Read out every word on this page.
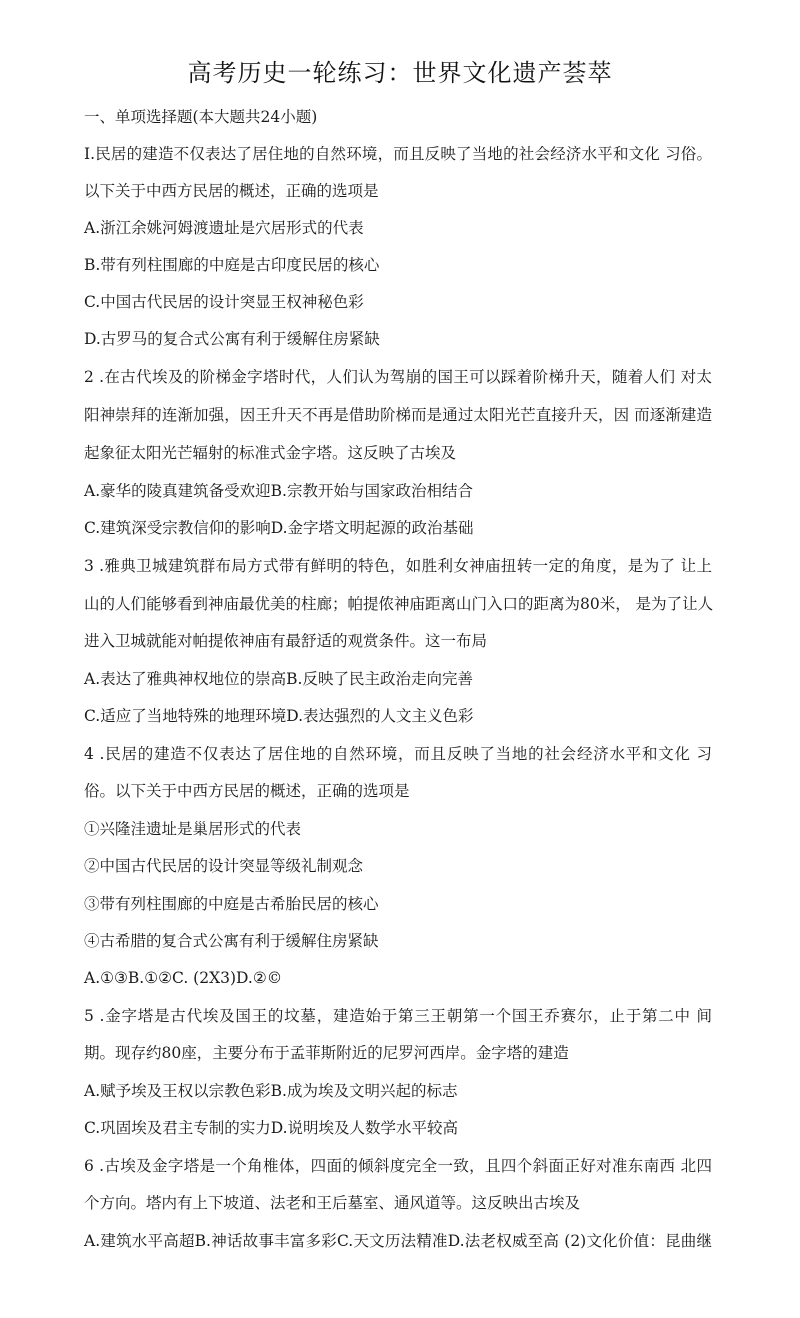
高考历史一轮练习：世界文化遗产荟萃
一、单项选择题(本大题共24小题)
I.民居的建造不仅表达了居住地的自然环境，而且反映了当地的社会经济水平和文化 习俗。
以下关于中西方民居的概述，正确的选项是
A.浙江余姚河姆渡遗址是穴居形式的代表
B.带有列柱围廊的中庭是古印度民居的核心
C.中国古代民居的设计突显王权神秘色彩
D.古罗马的复合式公寓有利于缓解住房紧缺
2 .在古代埃及的阶梯金字塔时代，人们认为驾崩的国王可以踩着阶梯升天，随着人们 对太
阳神崇拜的连渐加强，因王升天不再是借助阶梯而是通过太阳光芒直接升天，因 而逐渐建造
起象征太阳光芒辐射的标准式金字塔。这反映了古埃及
A.豪华的陵真建筑备受欢迎B.宗教开始与国家政治相结合
C.建筑深受宗教信仰的影响D.金字塔文明起源的政治基础
3 .雅典卫城建筑群布局方式带有鲜明的特色，如胜利女神庙扭转一定的角度，是为了 让上
山的人们能够看到神庙最优美的柱廊；帕提侬神庙距离山门入口的距离为80米， 是为了让人
进入卫城就能对帕提侬神庙有最舒适的观赏条件。这一布局
A.表达了雅典神权地位的崇高B.反映了民主政治走向完善
C.适应了当地特殊的地理环境D.表达强烈的人文主义色彩
4 .民居的建造不仅表达了居住地的自然环境，而且反映了当地的社会经济水平和文化 习
俗。以下关于中西方民居的概述，正确的选项是
①兴隆洼遗址是巢居形式的代表
②中国古代民居的设计突显等级礼制观念
③带有列柱围廊的中庭是古希胎民居的核心
④古希腊的复合式公寓有利于缓解住房紧缺
A.①③B.①②C. (2X3)D.②©
5 .金字塔是古代埃及国王的坟墓，建造始于第三王朝第一个国王乔赛尔，止于第二中 间
期。现存约80座，主要分布于孟菲斯附近的尼罗河西岸。金字塔的建造
A.赋予埃及王权以宗教色彩B.成为埃及文明兴起的标志
C.巩固埃及君主专制的实力D.说明埃及人数学水平较高
6 .古埃及金字塔是一个角椎体，四面的倾斜度完全一致，且四个斜面正好对准东南西 北四
个方向。塔内有上下坡道、法老和王后墓室、通风道等。这反映出古埃及
A.建筑水平高超B.神话故事丰富多彩C.天文历法精准D.法老权威至高 (2)文化价值：昆曲继
